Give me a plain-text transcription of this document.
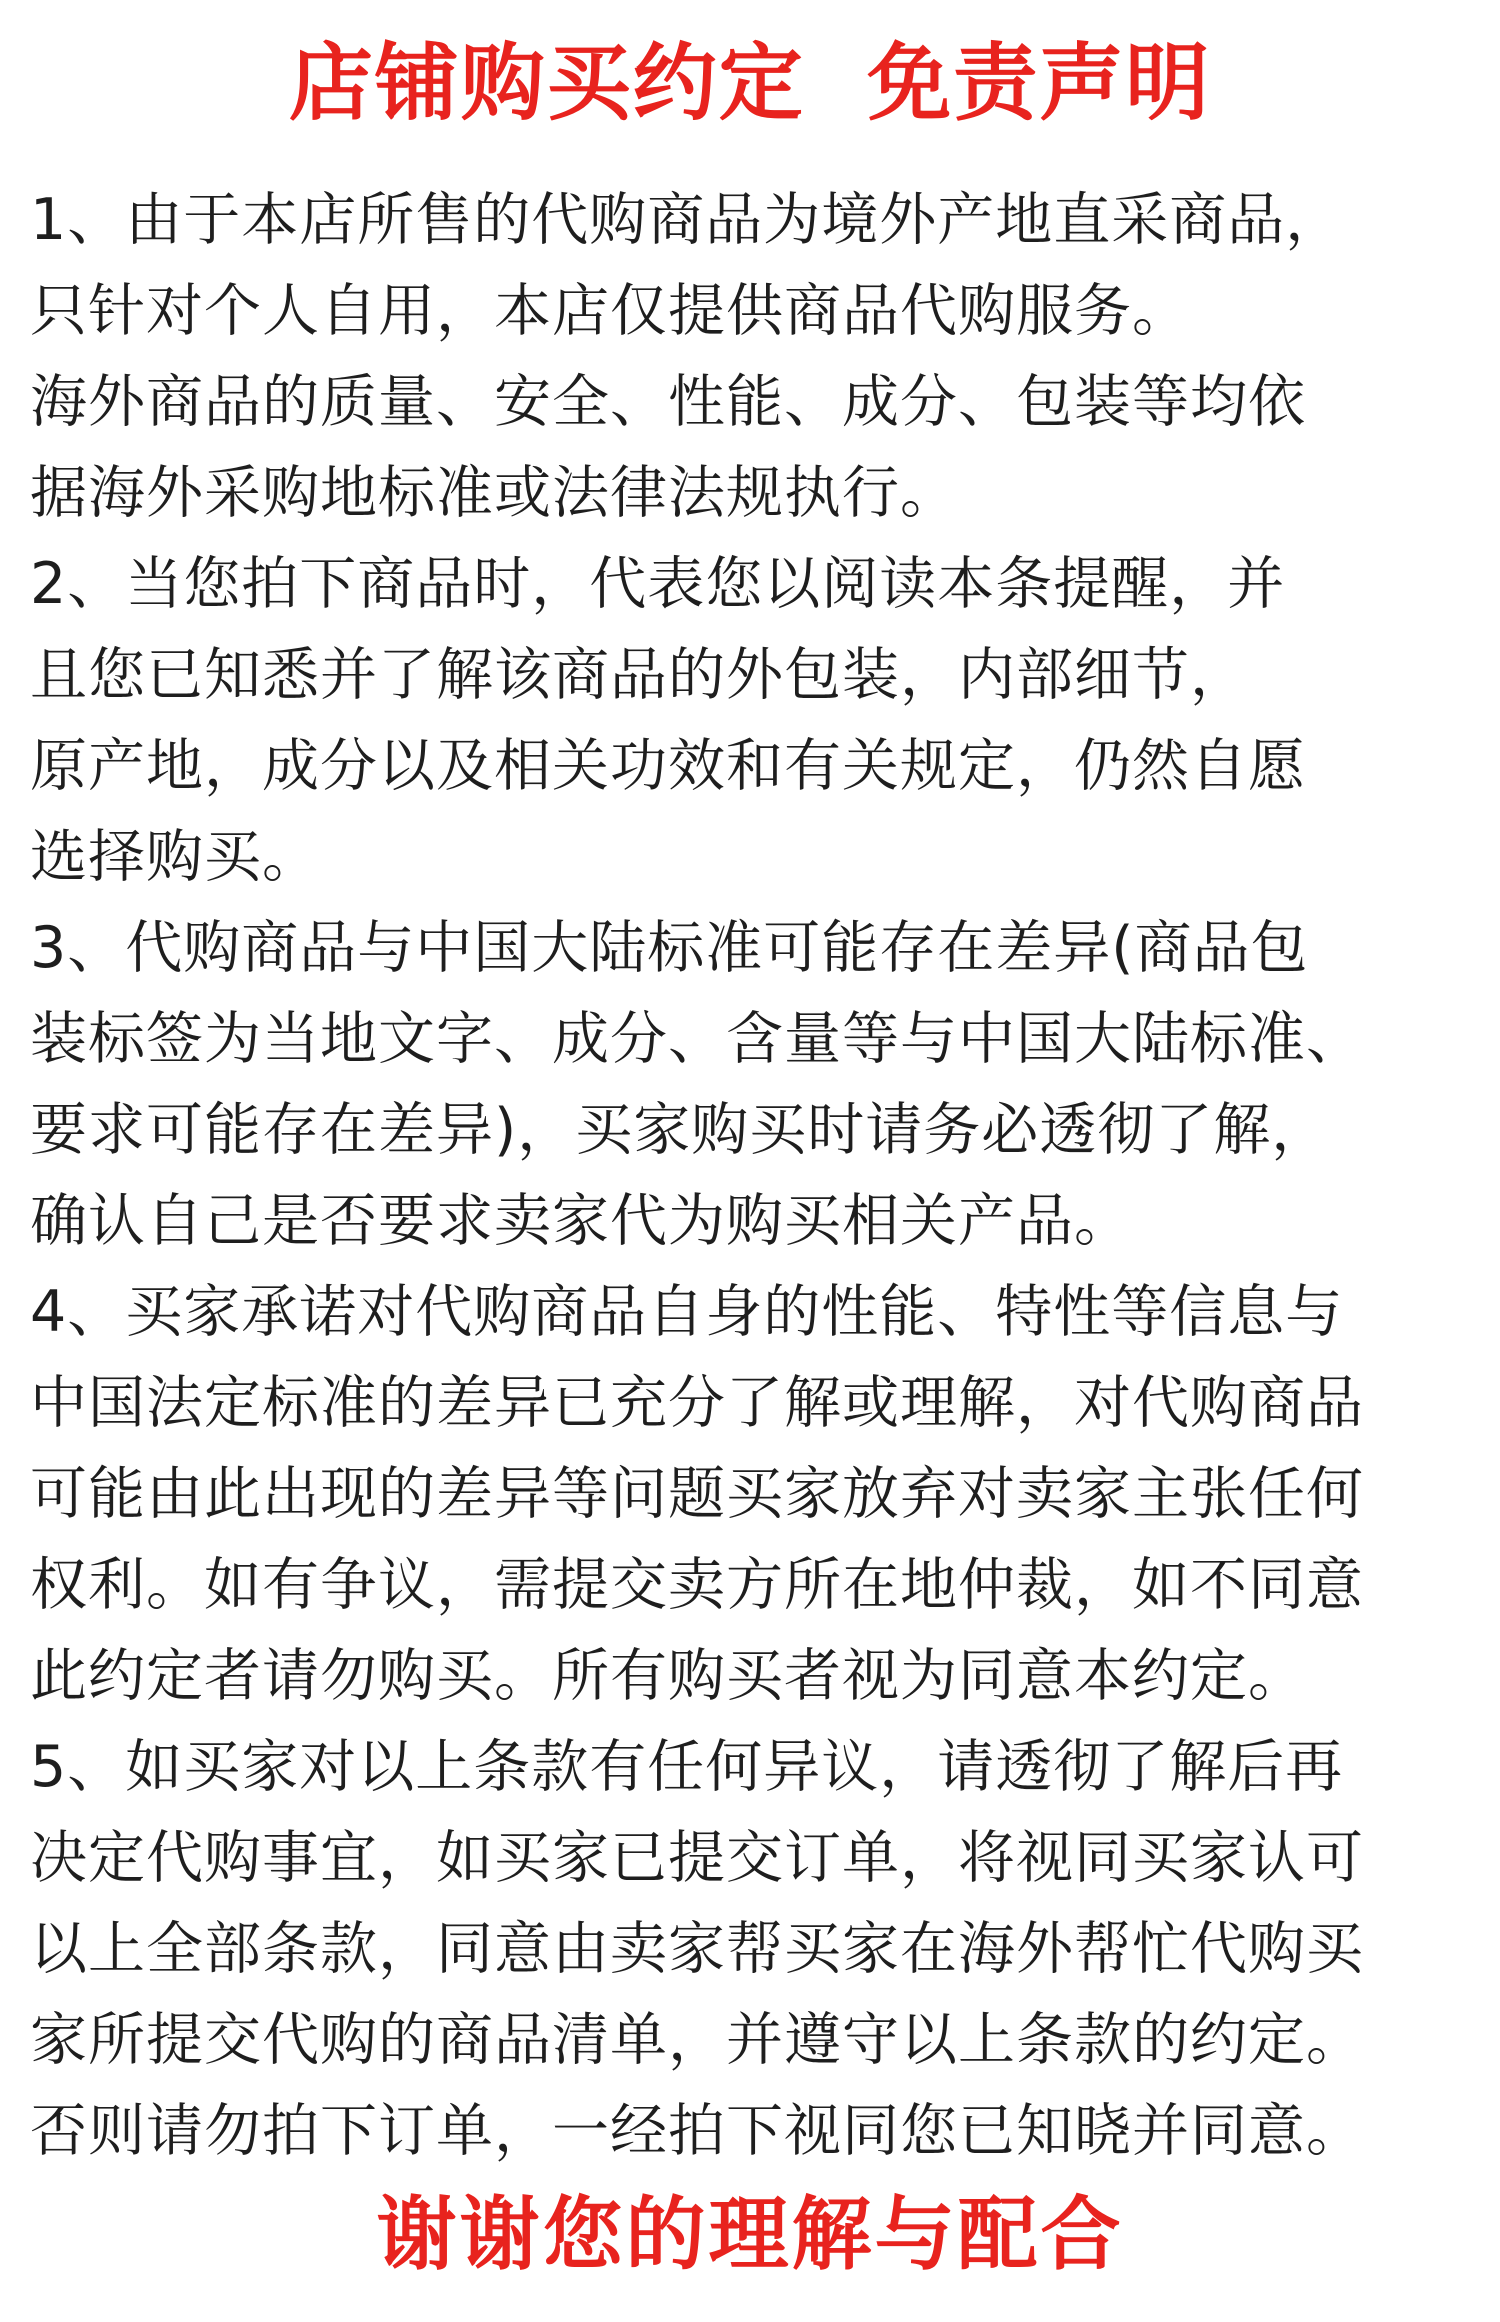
店铺购买约定  免责声明
1、由于本店所售的代购商品为境外产地直采商品，
只针对个人自用，本店仅提供商品代购服务。
海外商品的质量、安全、性能、成分、包装等均依
据海外采购地标准或法律法规执行。
2、当您拍下商品时，代表您以阅读本条提醒，并
且您已知悉并了解该商品的外包装，内部细节，
原产地，成分以及相关功效和有关规定，仍然自愿
选择购买。
3、代购商品与中国大陆标准可能存在差异(商品包
装标签为当地文字、成分、含量等与中国大陆标准、
要求可能存在差异)，买家购买时请务必透彻了解，
确认自己是否要求卖家代为购买相关产品。
4、买家承诺对代购商品自身的性能、特性等信息与
中国法定标准的差异已充分了解或理解，对代购商品
可能由此出现的差异等问题买家放弃对卖家主张任何
权利。如有争议，需提交卖方所在地仲裁，如不同意
此约定者请勿购买。所有购买者视为同意本约定。
5、如买家对以上条款有任何异议，请透彻了解后再
决定代购事宜，如买家已提交订单，将视同买家认可
以上全部条款，同意由卖家帮买家在海外帮忙代购买
家所提交代购的商品清单，并遵守以上条款的约定。
否则请勿拍下订单，一经拍下视同您已知晓并同意。
谢谢您的理解与配合
